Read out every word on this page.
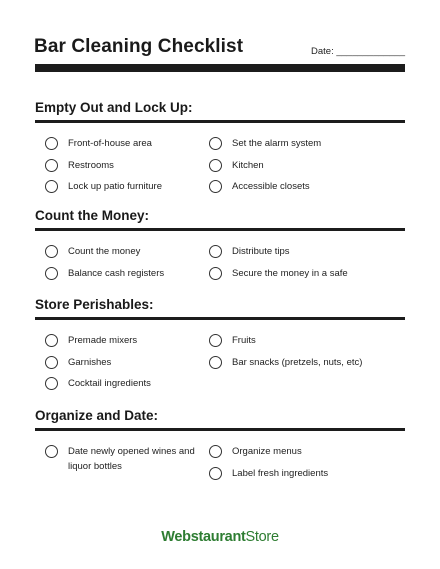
Bar Cleaning Checklist	Date: _____________
Empty Out and Lock Up:
Front-of-house area
Restrooms
Lock up patio furniture
Set the alarm system
Kitchen
Accessible closets
Count the Money:
Count the money
Balance cash registers
Distribute tips
Secure the money in a safe
Store Perishables:
Premade mixers
Garnishes
Cocktail ingredients
Fruits
Bar snacks (pretzels, nuts, etc)
Organize and Date:
Date newly opened wines and liquor bottles
Organize menus
Label fresh ingredients
WebstaurantStore
